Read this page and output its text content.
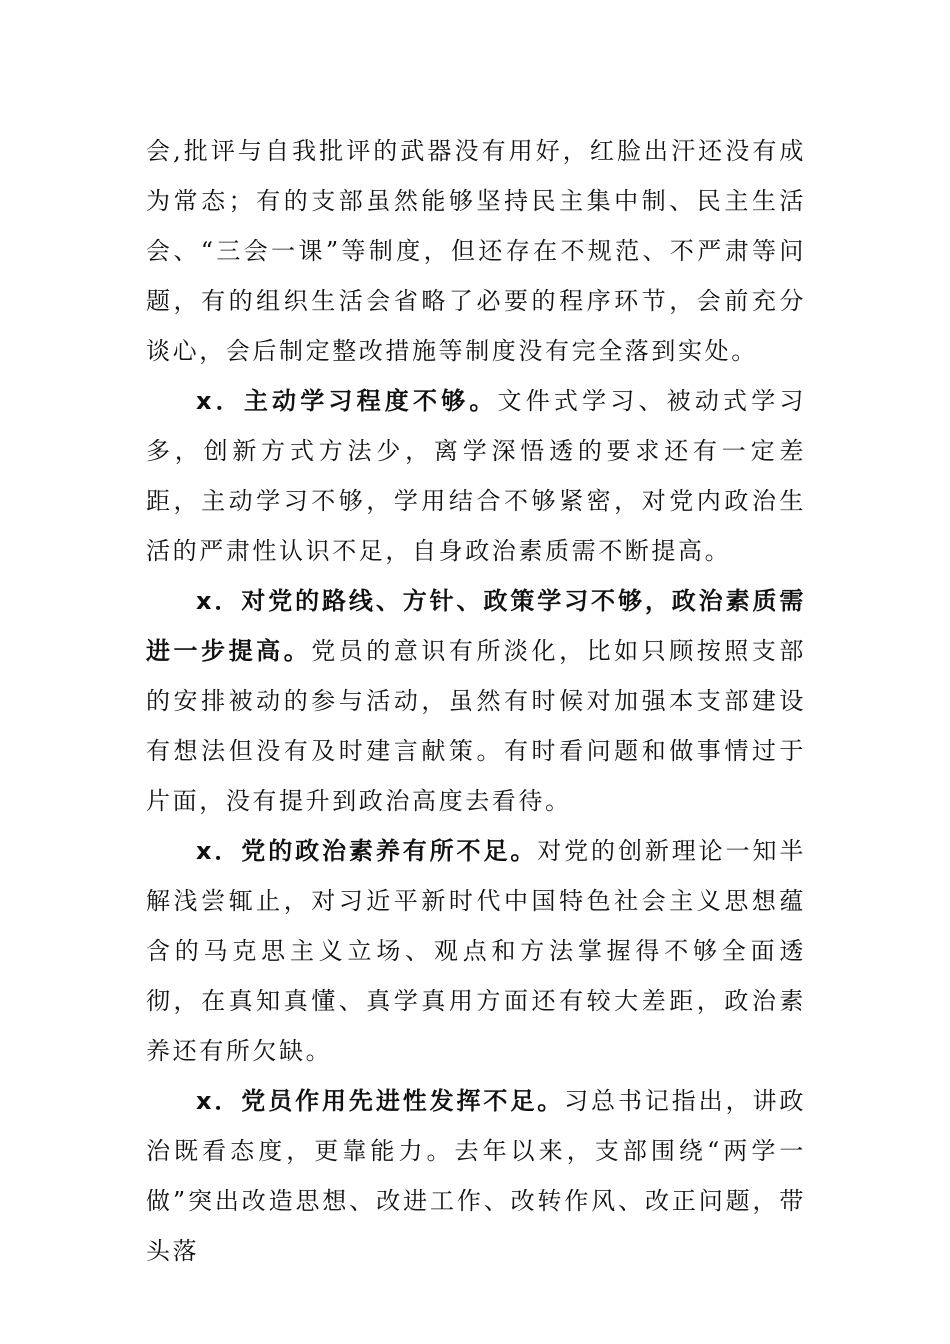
会,批评与自我批评的武器没有用好，红脸出汗还没有成为常态；有的支部虽然能够坚持民主集中制、民主生活会、“三会一课”等制度，但还存在不规范、不严肃等问题，有的组织生活会省略了必要的程序环节，会前充分谈心，会后制定整改措施等制度没有完全落到实处。

x．主动学习程度不够。文件式学习、被动式学习多，创新方式方法少，离学深悟透的要求还有一定差距，主动学习不够，学用结合不够紧密，对党内政治生活的严肃性认识不足，自身政治素质需不断提高。

x．对党的路线、方针、政策学习不够，政治素质需进一步提高。党员的意识有所淡化，比如只顾按照支部的安排被动的参与活动，虽然有时候对加强本支部建设有想法但没有及时建言献策。有时看问题和做事情过于片面，没有提升到政治高度去看待。

x．党的政治素养有所不足。对党的创新理论一知半解浅尝辄止，对习近平新时代中国特色社会主义思想蕴含的马克思主义立场、观点和方法掌握得不够全面透彻，在真知真懂、真学真用方面还有较大差距，政治素养还有所欠缺。

x．党员作用先进性发挥不足。习总书记指出，讲政治既看态度，更靠能力。去年以来，支部围绕“两学一做”突出改造思想、改进工作、改转作风、改正问题，带头落
